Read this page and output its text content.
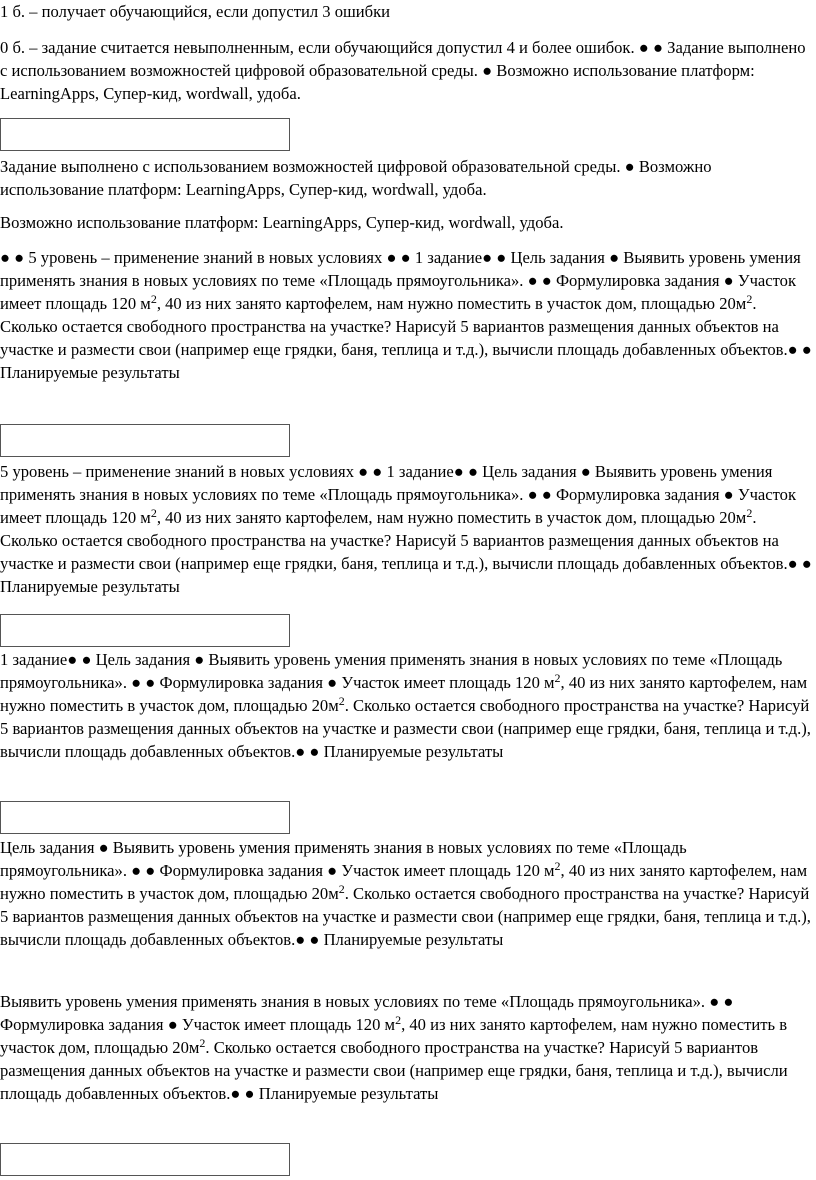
1 б. – получает обучающийся, если допустил 3 ошибки

0 б. – задание считается невыполненным, если обучающийся допустил 4 и более ошибок. ● ● Задание выполнено с использованием возможностей цифровой образовательной среды. ● Возможно использование платформ: LearningApps, Супер-кид, wordwall, удоба.

Задание выполнено с использованием возможностей цифровой образовательной среды. ● Возможно использование платформ: LearningApps, Супер-кид, wordwall, удоба.

Возможно использование платформ: LearningApps, Супер-кид, wordwall, удоба.

● ● 5 уровень – применение знаний в новых условиях ● ● 1 задание● ● Цель задания ● Выявить уровень умения применять знания в новых условиях по теме «Площадь прямоугольника». ● ● Формулировка задания ● Участок имеет площадь 120 $м^2$, 40 из них занято картофелем, нам нужно поместить в участок дом, площадью $20м^2$. Сколько остается свободного пространства на участке? Нарисуй 5 вариантов размещения данных объектов на участке и размести свои (например еще грядки, баня, теплица и т.д.), вычисли площадь добавленных объектов.● ● Планируемые результаты

5 уровень – применение знаний в новых условиях ● ● 1 задание● ● Цель задания ● Выявить уровень умения применять знания в новых условиях по теме «Площадь прямоугольника». ● ● Формулировка задания ● Участок имеет площадь 120 $м^2$, 40 из них занято картофелем, нам нужно поместить в участок дом, площадью $20м^2$. Сколько остается свободного пространства на участке? Нарисуй 5 вариантов размещения данных объектов на участке и размести свои (например еще грядки, баня, теплица и т.д.), вычисли площадь добавленных объектов.● ● Планируемые результаты

1 задание● ● Цель задания ● Выявить уровень умения применять знания в новых условиях по теме «Площадь прямоугольника». ● ● Формулировка задания ● Участок имеет площадь 120 $м^2$, 40 из них занято картофелем, нам нужно поместить в участок дом, площадью $20м^2$. Сколько остается свободного пространства на участке? Нарисуй 5 вариантов размещения данных объектов на участке и размести свои (например еще грядки, баня, теплица и т.д.), вычисли площадь добавленных объектов.● ● Планируемые результаты

Цель задания ● Выявить уровень умения применять знания в новых условиях по теме «Площадь прямоугольника». ● ● Формулировка задания ● Участок имеет площадь 120 $м^2$, 40 из них занято картофелем, нам нужно поместить в участок дом, площадью $20м^2$. Сколько остается свободного пространства на участке? Нарисуй 5 вариантов размещения данных объектов на участке и размести свои (например еще грядки, баня, теплица и т.д.), вычисли площадь добавленных объектов.● ● Планируемые результаты

Выявить уровень умения применять знания в новых условиях по теме «Площадь прямоугольника». ● ● Формулировка задания ● Участок имеет площадь 120 $м^2$, 40 из них занято картофелем, нам нужно поместить в участок дом, площадью $20м^2$. Сколько остается свободного пространства на участке? Нарисуй 5 вариантов размещения данных объектов на участке и размести свои (например еще грядки, баня, теплица и т.д.), вычисли площадь добавленных объектов.● ● Планируемые результаты
